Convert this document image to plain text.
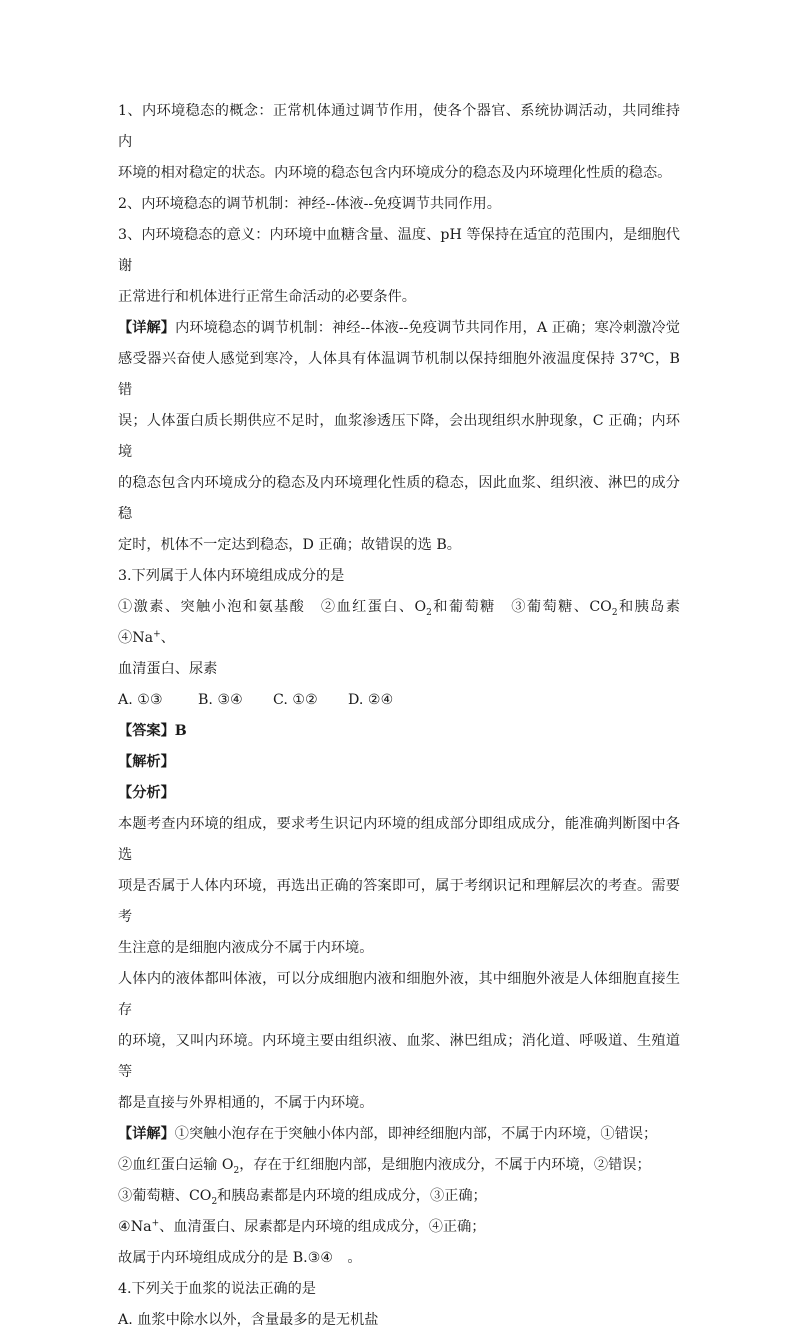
1、内环境稳态的概念：正常机体通过调节作用，使各个器官、系统协调活动，共同维持内

环境的相对稳定的状态。内环境的稳态包含内环境成分的稳态及内环境理化性质的稳态。

2、内环境稳态的调节机制：神经--体液--免疫调节共同作用。

3、内环境稳态的意义：内环境中血糖含量、温度、pH 等保持在适宜的范围内，是细胞代谢

正常进行和机体进行正常生命活动的必要条件。

【详解】内环境稳态的调节机制：神经--体液--免疫调节共同作用，A 正确；寒冷刺激冷觉

感受器兴奋使人感觉到寒冷，人体具有体温调节机制以保持细胞外液温度保持 37℃，B 错

误；人体蛋白质长期供应不足时，血浆渗透压下降，会出现组织水肿现象，C 正确；内环境

的稳态包含内环境成分的稳态及内环境理化性质的稳态，因此血浆、组织液、淋巴的成分稳

定时，机体不一定达到稳态，D 正确；故错误的选 B。

3.下列属于人体内环境组成成分的是

①激素、突触小泡和氨基酸　②血红蛋白、$O_2$和葡萄糖　③葡萄糖、$CO_2$和胰岛素　④Na+、

血清蛋白、尿素

A. ①③	B. ③④	C. ①②	D. ②④

【答案】B

【解析】

【分析】

本题考查内环境的组成，要求考生识记内环境的组成部分即组成成分，能准确判断图中各选

项是否属于人体内环境，再选出正确的答案即可，属于考纲识记和理解层次的考查。需要考

生注意的是细胞内液成分不属于内环境。

人体内的液体都叫体液，可以分成细胞内液和细胞外液，其中细胞外液是人体细胞直接生存

的环境，又叫内环境。内环境主要由组织液、血浆、淋巴组成；消化道、呼吸道、生殖道等

都是直接与外界相通的，不属于内环境。

【详解】①突触小泡存在于突触小体内部，即神经细胞内部，不属于内环境，①错误；

②血红蛋白运输 $O_2$，存在于红细胞内部，是细胞内液成分，不属于内环境，②错误；

③葡萄糖、$CO_2$和胰岛素都是内环境的组成成分，③正确；

④Na+、血清蛋白、尿素都是内环境的组成成分，④正确；

故属于内环境组成成分的是 B.③④　。

4.下列关于血浆的说法正确的是

A. 血浆中除水以外，含量最多的是无机盐
